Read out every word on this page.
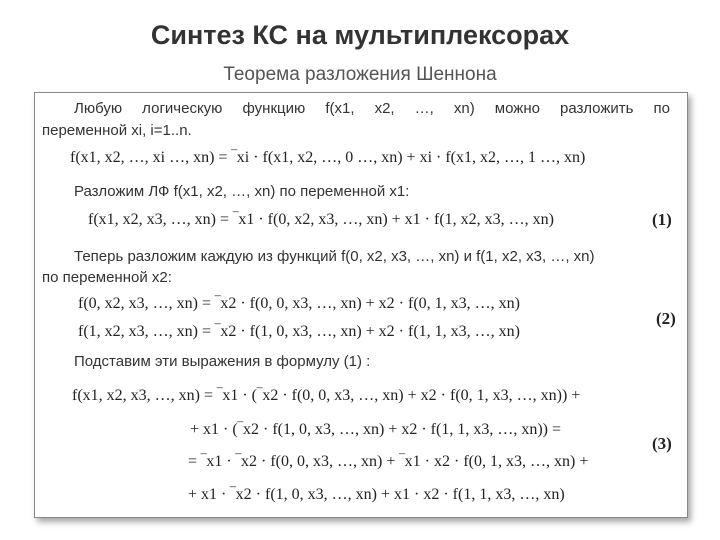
Синтез КС на мультиплексорах
Теорема разложения Шеннона
Любую логическую функцию f(x1, x2, …, xn) можно разложить по
переменной xi, i=1..n.
f(x1, x2, …, xi …, xn) = ‾xi · f(x1, x2, …, 0 …, xn) + xi · f(x1, x2, …, 1 …, xn)
Разложим ЛФ f(x1, x2, …, xn) по переменной x1:
f(x1, x2, x3, …, xn) = ‾x1 · f(0, x2, x3, …, xn) + x1 · f(1, x2, x3, …, xn)	(1)
Теперь разложим каждую из функций f(0, x2, x3, …, xn) и f(1, x2, x3, …, xn)
по переменной x2:
f(0, x2, x3, …, xn) = ‾x2 · f(0, 0, x3, …, xn) + x2 · f(0, 1, x3, …, xn)
f(1, x2, x3, …, xn) = ‾x2 · f(1, 0, x3, …, xn) + x2 · f(1, 1, x3, …, xn)
(2)
Подставим эти выражения в формулу (1) :
f(x1, x2, x3, …, xn) = ‾x1 · (‾x2 · f(0, 0, x3, …, xn) + x2 · f(0, 1, x3, …, xn)) +
+ x1 · (‾x2 · f(1, 0, x3, …, xn) + x2 · f(1, 1, x3, …, xn)) =
= ‾x1 · ‾x2 · f(0, 0, x3, …, xn) + ‾x1 · x2 · f(0, 1, x3, …, xn) +
+ x1 · ‾x2 · f(1, 0, x3, …, xn) + x1 · x2 · f(1, 1, x3, …, xn)
(3)
